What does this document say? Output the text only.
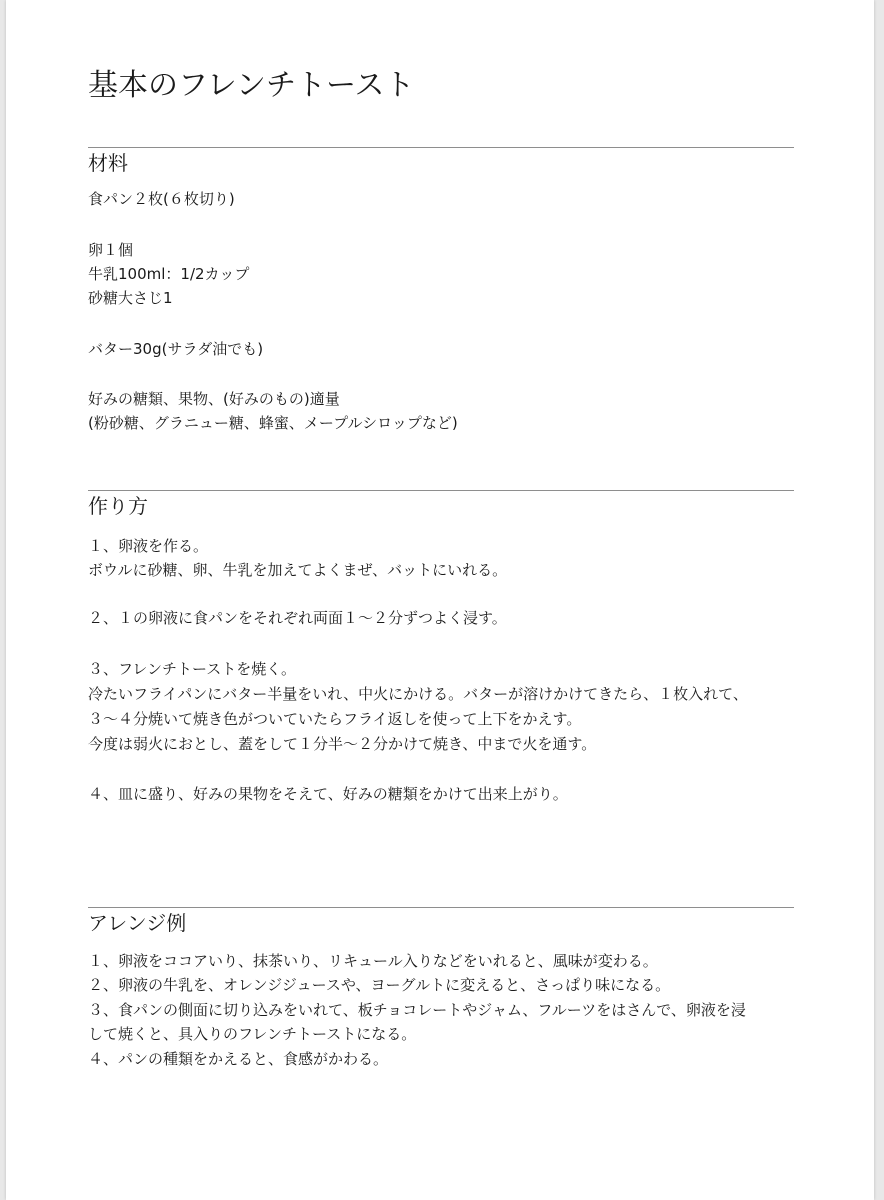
基本のフレンチトースト
材料
食パン２枚(６枚切り)
卵１個
牛乳100ml：1/2カップ
砂糖大さじ1
バター30g(サラダ油でも)
好みの糖類、果物、(好みのもの)適量
(粉砂糖、グラニュー糖、蜂蜜、メープルシロップなど)
作り方
１、卵液を作る。
ボウルに砂糖、卵、牛乳を加えてよくまぜ、バットにいれる。
２、１の卵液に食パンをそれぞれ両面１〜２分ずつよく浸す。
３、フレンチトーストを焼く。
冷たいフライパンにバター半量をいれ、中火にかける。バターが溶けかけてきたら、１枚入れて、
３〜４分焼いて焼き色がついていたらフライ返しを使って上下をかえす。
今度は弱火におとし、蓋をして１分半〜２分かけて焼き、中まで火を通す。
４、皿に盛り、好みの果物をそえて、好みの糖類をかけて出来上がり。
アレンジ例
１、卵液をココアいり、抹茶いり、リキュール入りなどをいれると、風味が変わる。
２、卵液の牛乳を、オレンジジュースや、ヨーグルトに変えると、さっぱり味になる。
３、食パンの側面に切り込みをいれて、板チョコレートやジャム、フルーツをはさんで、卵液を浸
して焼くと、具入りのフレンチトーストになる。
４、パンの種類をかえると、食感がかわる。
